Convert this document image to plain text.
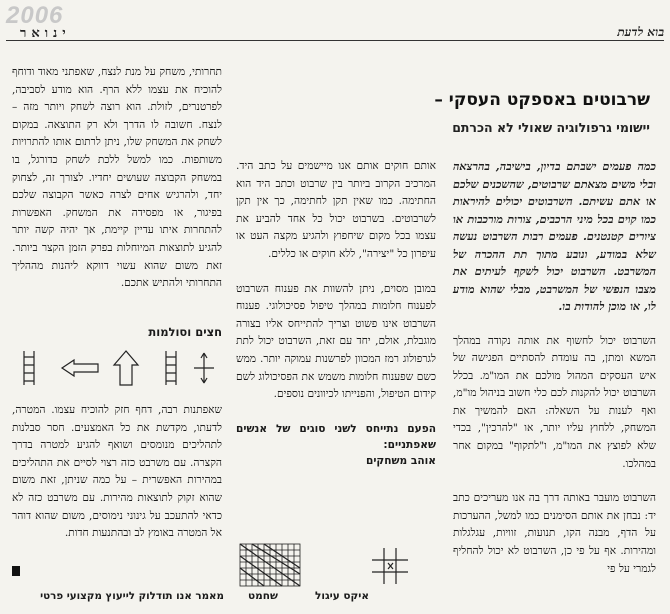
2006
ינואר	בוא לדעת
שרבוטים באספקט העסקי –
יישומי גרפולוגיה שאולי לא הכרתם

כמה פעמים ישבתם בדיון, בישיבה, בהרצאה ובלי משים מצאתם שרבוטים, שהשכנים שלכם או אתם עשיתם. השרבוטים יכולים להיראות כמו קוים בכל מיני הרכבים, צורות מורכבות או ציורים קטנטנים. פעמים רבות השרבוט נעשה שלא במודע, ונובע מתוך תת ההכרה של המשרבט. השרבוט יכול לשקף לעיתים את מצבו הנפשי של המשרבט, מבלי שהוא מודע לו, או מוכן להודות בו.

השרבוט יכול לחשוף את אותה נקודה במהלך המשא ומתן, בה עומדת להסתיים הפגישה של איש העסקים המהול מולכם את המו"מ. בכלל השרבוט יכול להקנות לכם כלי חשוב בניהול מו"מ, ואף לענות על השאלה: האם להמשיך את המשחק, ללחוץ עליו יותר, או "להרכין", בכדי שלא לפוצץ את המו"מ, ו"לתקוף" במקום אחר במהלכו.

השרבוט מועבר באותה דרך בה אנו מעריכים כתב יד: נבחן את אותם הסימנים כמו למשל, ההערכות על הדף, מבנה הקו, תנועות, זוויות, עגלגלות ומהירות. אף על פי כן, השרבוט לא יכול להחליף לגמרי על פי

אותם חוקים אותם אנו מיישמים על כתב היד. המרכיב הקרוב ביותר בין שרבוט וכתב היד הוא החתימה. כמו שאין תקן לחתימה, כך אין תקן לשרבוטים. בשרבוט יכול כל אחד להביע את עצמו בכל מקום שיחפוץ ולהגיע מקצה העט או עיפרון כל "יצירה", ללא חוקים או כללים.

במובן מסוים, ניתן להשוות את פענוח השרבוט לפענוח חלומות במהלך טיפול פסיכולוגי. פענוח השרבוט אינו פשוט וצריך להתייחס אליו בצורה מוגבלת, אולם, יחד עם זאת, השרבוט יכול לתת לגרפולוג רמז המכוון לפרשנות עמוקה יותר. ממש כשם שפענוח חלומות משמש את הפסיכולוג לשם קידום הטיפול, והפנייתו לכיוונים נוספים.

הפעם נתייחס לשני סוגים של אנשים שאפתניים:
אוהב משחקים
שחמט	איקס עיגול

תחרותי, משחק על מנת לנצח, שאפתני מאוד ודוחף להוכיח את עצמו ללא הרף. הוא מודע לסביבה, לפרטנרים, לזולת. הוא רוצה לשחק ויותר מזה – לנצח. חשובה לו הדרך ולא רק התוצאה. במקום לשחק את המשחק שלו, ניתן לרתום אותו להתרויות משותפות. כמו למשל ללכת לשחק כדורגל, בו במשחק הקבוצה שעושים יחדיו. לצורך זה, לצחוק יחד, ולהרגיש אחים לצרה כאשר הקבוצה שלכם בפיגור, או מפסידה את המשחק. האפשרות להתחרות איתו עדיין קיימת, אך יהיה קשה יותר להגיע לתוצאות המיוחלות בפרק הזמן הקצר ביותר. זאת משום שהוא עשוי דווקא ליהנות מההליך התחרותי ולהתיש אתכם.

חצים וסולמות

שאפתנות רבה, דחף חזק להוכיח עצמו. המטרה, לדעתו, מקדשת את כל האמצעים. חסר סבלנות לתהליכים מנומסים ושואף להגיע למטרה בדרך הקצרה. עם משרבט כזה רצוי לסיים את התהליכים במהירות האפשרית – על כמה שניתן, זאת משום שהוא זקוק לתוצאות מהירות. עם משרבט כזה לא כדאי להתעכב על גינוני נימוסים, משום שהוא דוהר אל המטרה באומץ לב ובהתנעות חדות.

מאמר אנו תודלוק לייעוץ מקצועי פרטי
